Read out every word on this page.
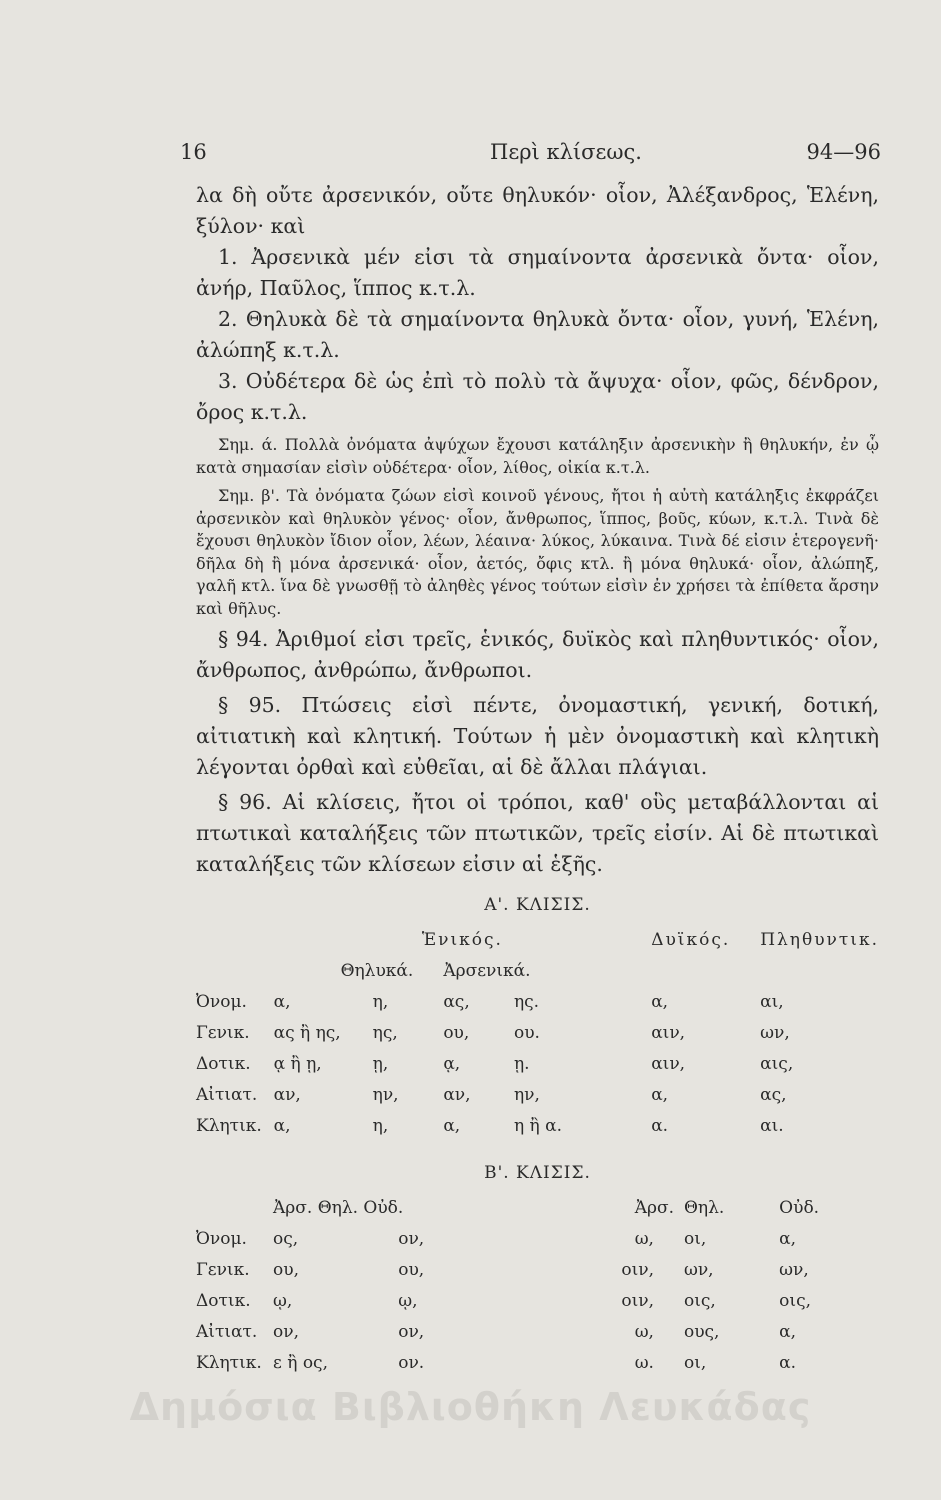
16	Περὶ κλίσεως.	94—96

λα δὴ οὔτε ἀρσενικόν, οὔτε θηλυκόν· οἷον, Ἀλέξανδρος, Ἑλένη, ξύλον· καὶ

1. Ἀρσενικὰ μέν εἰσι τὰ σημαίνοντα ἀρσενικὰ ὄντα· οἷον, ἀνήρ, Παῦλος, ἵππος κ.τ.λ.

2. Θηλυκὰ δὲ τὰ σημαίνοντα θηλυκὰ ὄντα· οἷον, γυνή, Ἑλένη, ἀλώπηξ κ.τ.λ.

3. Οὐδέτερα δὲ ὡς ἐπὶ τὸ πολὺ τὰ ἄψυχα· οἷον, φῶς, δένδρον, ὄρος κ.τ.λ.

Σημ. ά. Πολλὰ ὀνόματα ἀψύχων ἔχουσι κατάληξιν ἀρσενικὴν ἢ θηλυκήν, ἐν ᾧ κατὰ σημασίαν εἰσὶν οὐδέτερα· οἷον, λίθος, οἰκία κ.τ.λ.

Σημ. β'. Τὰ ὀνόματα ζώων εἰσὶ κοινοῦ γένους, ἤτοι ἡ αὐτὴ κατάληξις ἐκφράζει ἀρσενικὸν καὶ θηλυκὸν γένος· οἷον, ἄνθρωπος, ἵππος, βοῦς, κύων, κ.τ.λ. Τινὰ δὲ ἔχουσι θηλυκὸν ἴδιον οἷον, λέων, λέαινα· λύκος, λύκαινα. Τινὰ δέ εἰσιν ἑτερογενῆ· δῆλα δὴ ἢ μόνα ἀρσενικά· οἷον, ἀετός, ὄφις κτλ. ἢ μόνα θηλυκά· οἷον, ἀλώπηξ, γαλῆ κτλ. ἵνα δὲ γνωσθῇ τὸ ἀληθὲς γένος τούτων εἰσὶν ἐν χρήσει τὰ ἐπίθετα ἄρσην καὶ θῆλυς.

§ 94. Ἀριθμοί εἰσι τρεῖς, ἑνικός, δυϊκὸς καὶ πληθυντικός· οἷον, ἄνθρωπος, ἀνθρώπω, ἄνθρωποι.

§ 95. Πτώσεις εἰσὶ πέντε, ὀνομαστική, γενική, δοτική, αἰτιατικὴ καὶ κλητική. Τούτων ἡ μὲν ὀνομαστικὴ καὶ κλητικὴ λέγονται ὀρθαὶ καὶ εὐθεῖαι, αἱ δὲ ἄλλαι πλάγιαι.

§ 96. Αἱ κλίσεις, ἤτοι οἱ τρόποι, καθ' οὓς μεταβάλλονται αἱ πτωτικαὶ καταλήξεις τῶν πτωτικῶν, τρεῖς εἰσίν. Αἱ δὲ πτωτικαὶ καταλήξεις τῶν κλίσεων εἰσιν αἱ ἑξῆς.

Α'. ΚΛΙΣΙΣ.
	Ἑνικός.				Δυϊκός.	Πληθυντικ.
	Θηλυκά.		Ἀρσενικά.			
Ὀνομ.	α,	η,	ας,	ης.	α,	αι,
Γενικ.	ας ἢ ης,	ης,	ου,	ου.	αιν,	ων,
Δοτικ.	ᾳ ἢ ῃ,	ῃ,	ᾳ,	ῃ.	αιν,	αις,
Αἰτιατ.	αν,	ην,	αν,	ην,	α,	ας,
Κλητικ.	α,	η,	α,	η ἢ α.	α.	αι.
Β'. ΚΛΙΣΙΣ.
	Ἀρσ. Θηλ. Οὐδ.		Ἀρσ.	Θηλ.	Οὐδ.
Ὀνομ.	ος,	ον,	ω,	οι,	α,
Γενικ.	ου,	ου,	οιν,	ων,	ων,
Δοτικ.	ῳ,	ῳ,	οιν,	οις,	οις,
Αἰτιατ.	ον,	ον,	ω,	ους,	α,
Κλητικ.	ε ἢ ος,	ον.	ω.	οι,	α.
Δημόσια Βιβλιοθήκη Λευκάδας
